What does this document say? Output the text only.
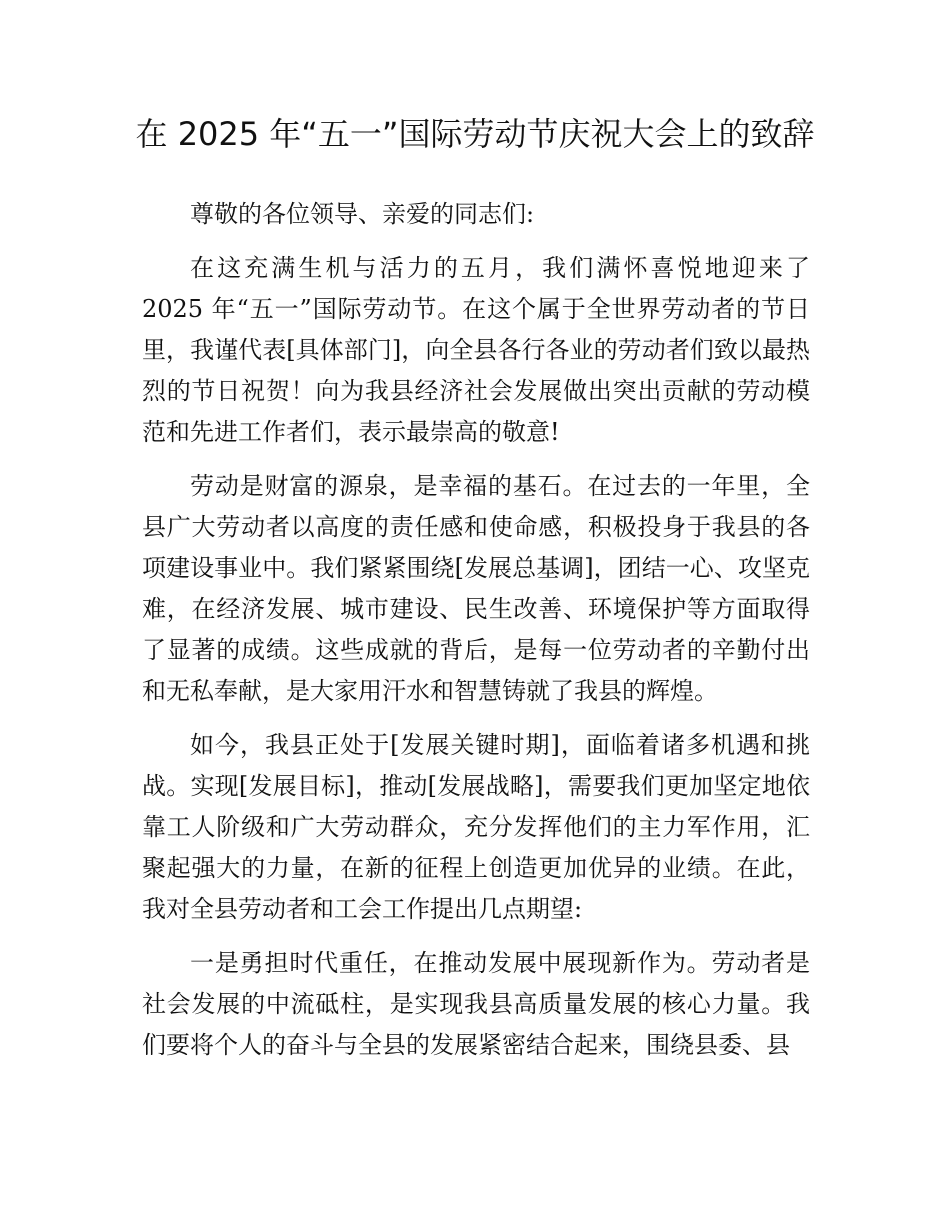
在 2025 年“五一”国际劳动节庆祝大会上的致辞

尊敬的各位领导、亲爱的同志们:

在这充满生机与活力的五月，我们满怀喜悦地迎来了 2025 年“五一”国际劳动节。在这个属于全世界劳动者的节日里，我谨代表[具体部门]，向全县各行各业的劳动者们致以最热烈的节日祝贺！向为我县经济社会发展做出突出贡献的劳动模范和先进工作者们，表示最崇高的敬意!

劳动是财富的源泉，是幸福的基石。在过去的一年里，全县广大劳动者以高度的责任感和使命感，积极投身于我县的各项建设事业中。我们紧紧围绕[发展总基调]，团结一心、攻坚克难，在经济发展、城市建设、民生改善、环境保护等方面取得了显著的成绩。这些成就的背后，是每一位劳动者的辛勤付出和无私奉献，是大家用汗水和智慧铸就了我县的辉煌。

如今，我县正处于[发展关键时期]，面临着诸多机遇和挑战。实现[发展目标]，推动[发展战略]，需要我们更加坚定地依靠工人阶级和广大劳动群众，充分发挥他们的主力军作用，汇聚起强大的力量，在新的征程上创造更加优异的业绩。在此，我对全县劳动者和工会工作提出几点期望:

一是勇担时代重任，在推动发展中展现新作为。劳动者是社会发展的中流砥柱，是实现我县高质量发展的核心力量。我们要将个人的奋斗与全县的发展紧密结合起来，围绕县委、县
